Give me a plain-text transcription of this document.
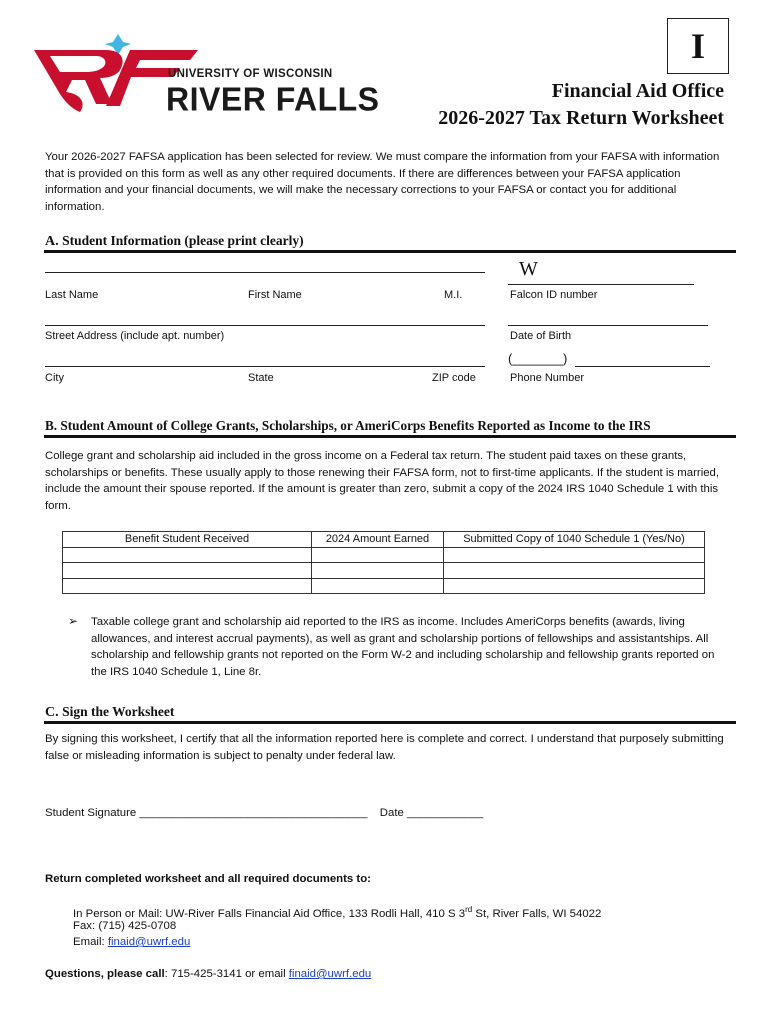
UNIVERSITY OF WISCONSIN
RIVER FALLS
I
Financial Aid Office
2026-2027 Tax Return Worksheet
Your 2026-2027 FAFSA application has been selected for review. We must compare the information from your FAFSA with information that is provided on this form as well as any other required documents. If there are differences between your FAFSA application information and your financial documents, we will make the necessary corrections to your FAFSA or contact you for additional information.
A. Student Information (please print clearly)
W
Last Name	First Name	M.I.	Falcon ID number
Street Address (include apt. number)	Date of Birth
(_______)
City	State	ZIP code	Phone Number
B. Student Amount of College Grants, Scholarships, or AmeriCorps Benefits Reported as Income to the IRS
College grant and scholarship aid included in the gross income on a Federal tax return. The student paid taxes on these grants, scholarships or benefits. These usually apply to those renewing their FAFSA form, not to first-time applicants. If the student is married, include the amount their spouse reported. If the amount is greater than zero, submit a copy of the 2024 IRS 1040 Schedule 1 with this form.
Benefit Student Received	2024 Amount Earned	Submitted Copy of 1040 Schedule 1 (Yes/No)

➢ Taxable college grant and scholarship aid reported to the IRS as income. Includes AmeriCorps benefits (awards, living allowances, and interest accrual payments), as well as grant and scholarship portions of fellowships and assistantships. All scholarship and fellowship grants not reported on the Form W-2 and including scholarship and fellowship grants reported on the IRS 1040 Schedule 1, Line 8r.
C. Sign the Worksheet
By signing this worksheet, I certify that all the information reported here is complete and correct. I understand that purposely submitting false or misleading information is subject to penalty under federal law.
Student Signature ____________________________________ Date ____________
Return completed worksheet and all required documents to:
In Person or Mail: UW-River Falls Financial Aid Office, 133 Rodli Hall, 410 S 3rd St, River Falls, WI 54022
Fax: (715) 425-0708
Email: finaid@uwrf.edu
Questions, please call: 715-425-3141 or email finaid@uwrf.edu
